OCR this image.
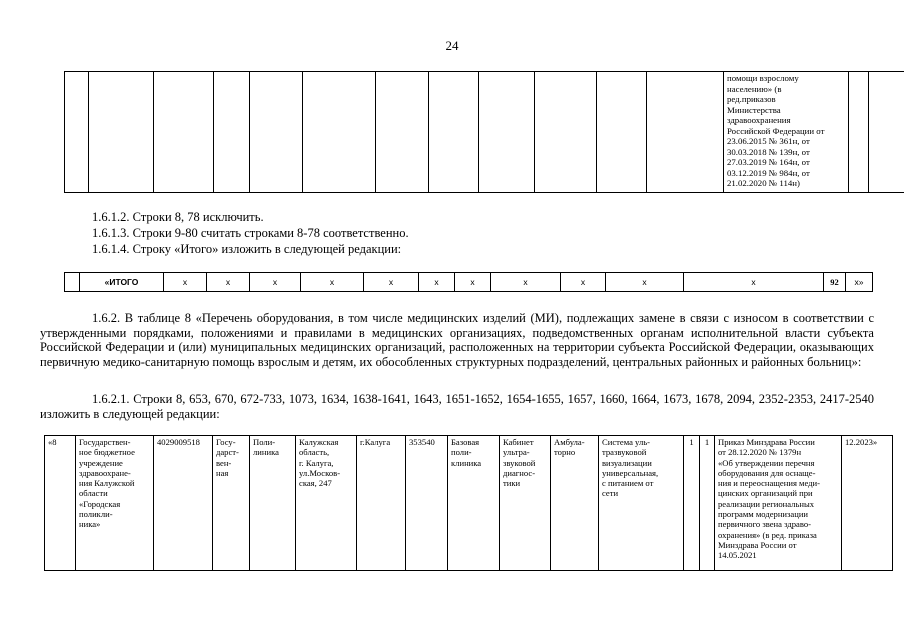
24

помощи взрослому
населению» (в
ред.приказов
Министерства
здравоохранения
Российской Федерации от
23.06.2015 № 361н, от
30.03.2018 № 139н, от
27.03.2019 № 164н, от
03.12.2019 № 984н, от
21.02.2020 № 114н)

1.6.1.2. Строки 8, 78 исключить.
1.6.1.3. Строки 9-80 считать строками 8-78 соответственно.
1.6.1.4. Строку «Итого» изложить в следующей редакции:
	«ИТОГО	х	х	х	х	х	х	х	х	х	х	х	92	х»

1.6.2. В таблице 8 «Перечень оборудования, в том числе медицинских изделий (МИ), подлежащих замене в связи с износом в соответствии с утвержденными порядками, положениями и правилами в медицинских организациях, подведомственных органам исполнительной власти субъекта Российской Федерации и (или) муниципальных медицинских организаций, расположенных на территории субъекта Российской Федерации, оказывающих первичную медико-санитарную помощь взрослым и детям, их обособленных структурных подразделений, центральных районных и районных больниц»:

1.6.2.1. Строки 8, 653, 670, 672-733, 1073, 1634, 1638-1641, 1643, 1651-1652, 1654-1655, 1657, 1660, 1664, 1673, 1678, 2094, 2352-2353, 2417-2540 изложить в следующей редакции:

«8	Государствен-
ное бюджетное
учреждение
здравоохране-
ния Калужской
области
«Городская
поликли-
ника»
	4029009518	Госу-
дарст-
вен-
ная

Поли-
линика

Калужская
область,
г. Калуга,
ул.Москов-
ская, 247
	г.Калуга	353540	Базовая
поли-
клиника

Кабинет
ультра-
звуковой
диагнос-
тики

Амбула-
торно

Система уль-
тразвуковой
визуализации
универсальная,
с питанием от
сети
	1	1	Приказ Минздрава России
от 28.12.2020 № 1379н
«Об утверждении перечня
оборудования для оснаще-
ния и переоснащения меди-
цинских организаций при
реализации региональных
программ модернизации
первичного звена здраво-
охранения» (в ред. приказа
Минздрава России от
14.05.2021
	12.2023»
